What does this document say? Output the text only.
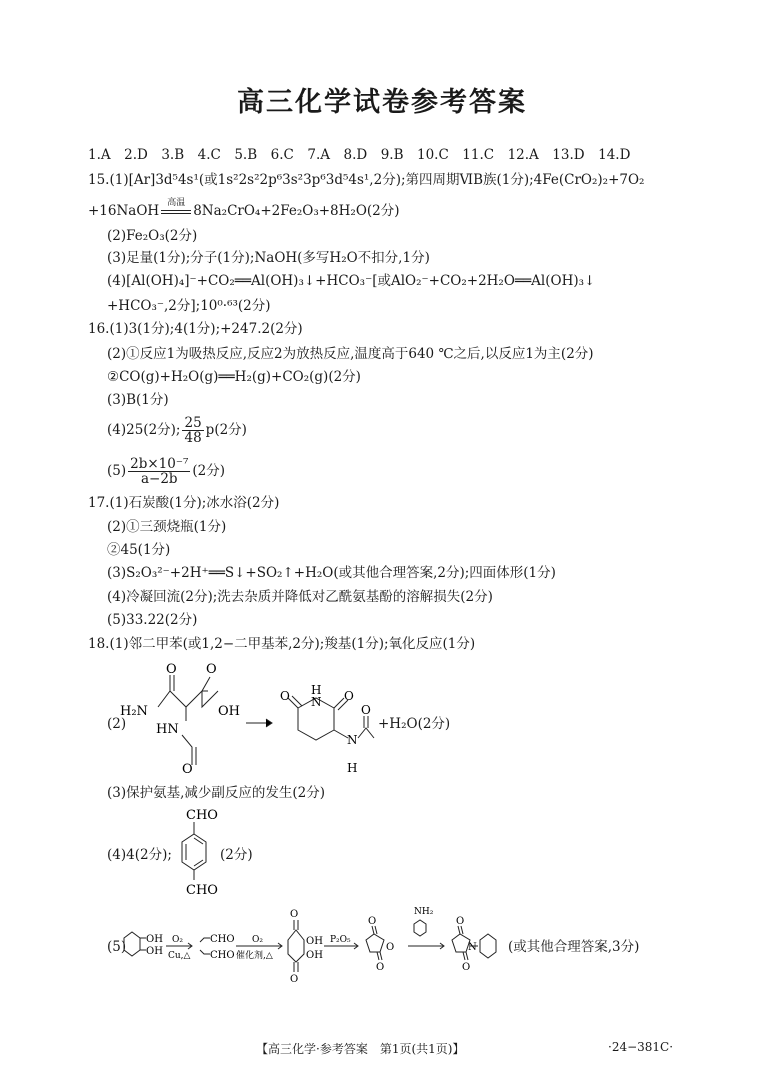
高三化学试卷参考答案
1.A　2.D　3.B　4.C　5.B　6.C　7.A　8.D　9.B　10.C　11.C　12.A　13.D　14.D
15.(1)[Ar]3d⁵4s¹(或1s²2s²2p⁶3s²3p⁶3d⁵4s¹,2分);第四周期ⅥB族(1分);4Fe(CrO₂)₂+7O₂
+16NaOH 高温 8Na₂CrO₄+2Fe₂O₃+8H₂O(2分)
(2)Fe₂O₃(2分)
(3)足量(1分);分子(1分);NaOH(多写H₂O不扣分,1分)
(4)[Al(OH)₄]⁻+CO₂══Al(OH)₃↓+HCO₃⁻[或AlO₂⁻+CO₂+2H₂O══Al(OH)₃↓
+HCO₃⁻,2分];10⁰·⁶³(2分)
16.(1)3(1分);4(1分);+247.2(2分)
(2)①反应1为吸热反应,反应2为放热反应,温度高于640 ℃之后,以反应1为主(2分)
②CO(g)+H₂O(g)══H₂(g)+CO₂(g)(2分)
(3)B(1分)
(4)25(2分); $\frac{25}{48} p(2$分)
$(5) \frac{\text{2b×10⁻⁷}}{a-2b} (2$分)
17.(1)石炭酸(1分);冰水浴(2分)
(2)①三颈烧瓶(1分)
②45(1分)
(3)S₂O₃²⁻+2H⁺══S↓+SO₂↑+H₂O(或其他合理答案,2分);四面体形(1分)
(4)冷凝回流(2分);洗去杂质并降低对乙酰氨基酚的溶解损失(2分)
(5)33.22(2分)
18.(1)邻二甲苯(或1,2−二甲基苯,2分);羧基(1分);氧化反应(1分)
(2)
O O
H₂N	OH
HN
O
H
N
O	O
N
H
O
+H₂O(2分)
(3)保护氨基,减少副反应的发生(2分)
(4)4(2分);
CHO
CHO
(2分)
(5) OH
OH
O₂
Cu,△
CHO
CHO
O₂
催化剂,△
O
O
OH
OH
P₂O₅
O
O
O
NH₂
O
N
O
(或其他合理答案,3分)
【高三化学·参考答案　第1页(共1页)】	·24−381C·
